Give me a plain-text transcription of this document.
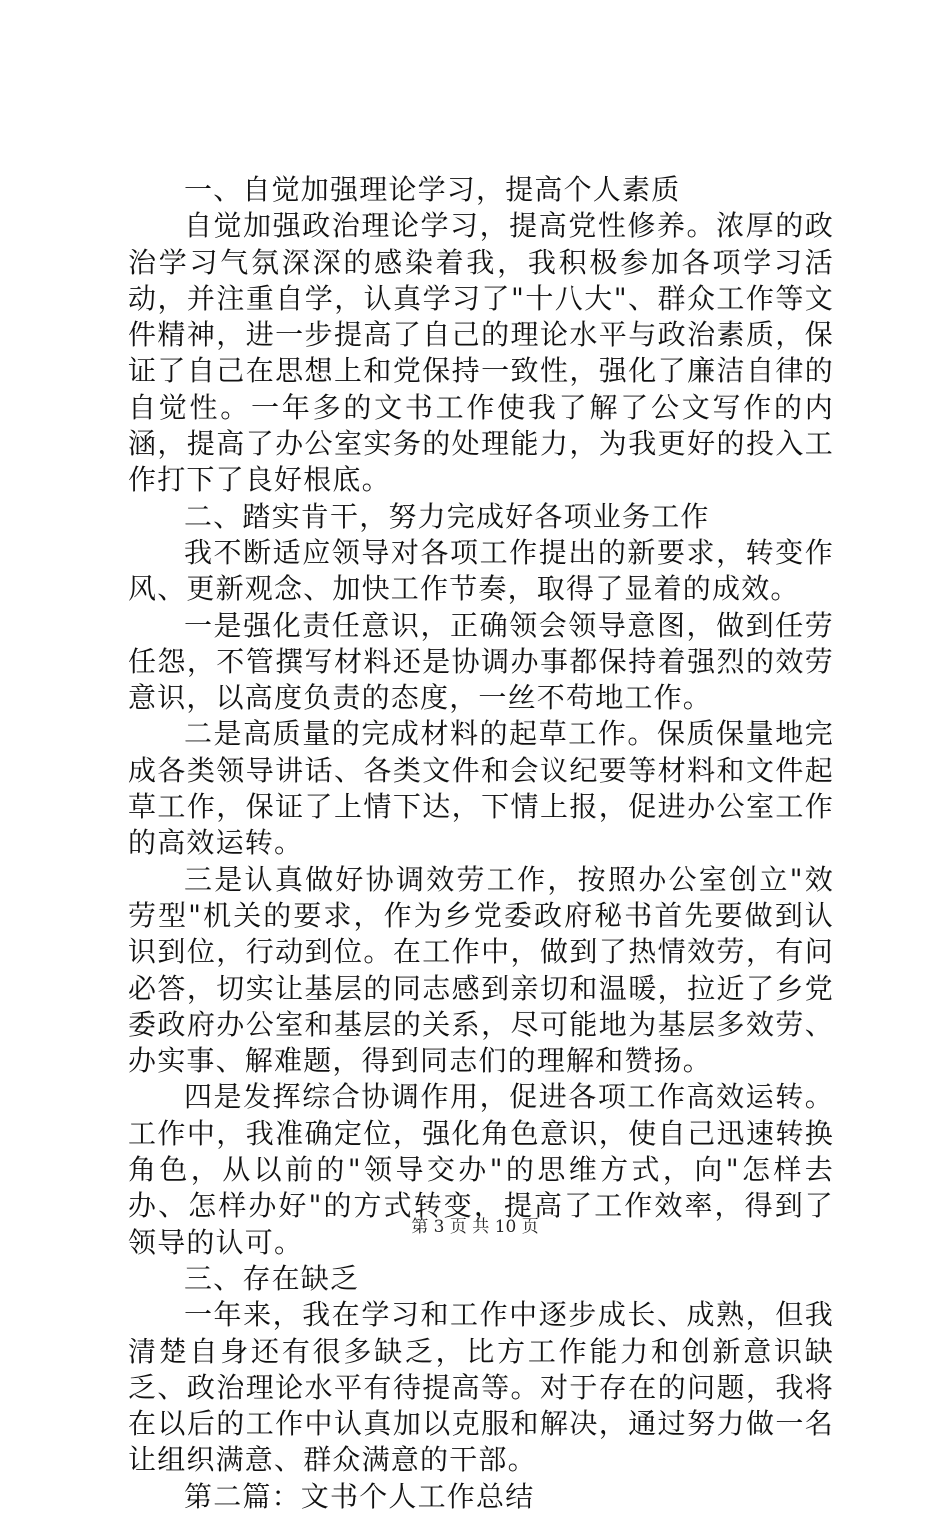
一、自觉加强理论学习，提高个人素质

自觉加强政治理论学习，提高党性修养。浓厚的政治学习气氛深深的感染着我，我积极参加各项学习活动，并注重自学，认真学习了"十八大"、群众工作等文件精神，进一步提高了自己的理论水平与政治素质，保证了自己在思想上和党保持一致性，强化了廉洁自律的自觉性。一年多的文书工作使我了解了公文写作的内涵，提高了办公室实务的处理能力，为我更好的投入工作打下了良好根底。

二、踏实肯干，努力完成好各项业务工作

我不断适应领导对各项工作提出的新要求，转变作风、更新观念、加快工作节奏，取得了显着的成效。

一是强化责任意识，正确领会领导意图，做到任劳任怨，不管撰写材料还是协调办事都保持着强烈的效劳意识，以高度负责的态度，一丝不苟地工作。

二是高质量的完成材料的起草工作。保质保量地完成各类领导讲话、各类文件和会议纪要等材料和文件起草工作，保证了上情下达，下情上报，促进办公室工作的高效运转。

三是认真做好协调效劳工作，按照办公室创立"效劳型"机关的要求，作为乡党委政府秘书首先要做到认识到位，行动到位。在工作中，做到了热情效劳，有问必答，切实让基层的同志感到亲切和温暖，拉近了乡党委政府办公室和基层的关系，尽可能地为基层多效劳、办实事、解难题，得到同志们的理解和赞扬。

四是发挥综合协调作用，促进各项工作高效运转。工作中，我准确定位，强化角色意识，使自己迅速转换角色，从以前的"领导交办"的思维方式，向"怎样去办、怎样办好"的方式转变，提高了工作效率，得到了领导的认可。

三、存在缺乏

一年来，我在学习和工作中逐步成长、成熟，但我清楚自身还有很多缺乏，比方工作能力和创新意识缺乏、政治理论水平有待提高等。对于存在的问题，我将在以后的工作中认真加以克服和解决，通过努力做一名让组织满意、群众满意的干部。

第二篇：文书个人工作总结

第 3 页 共 10 页
